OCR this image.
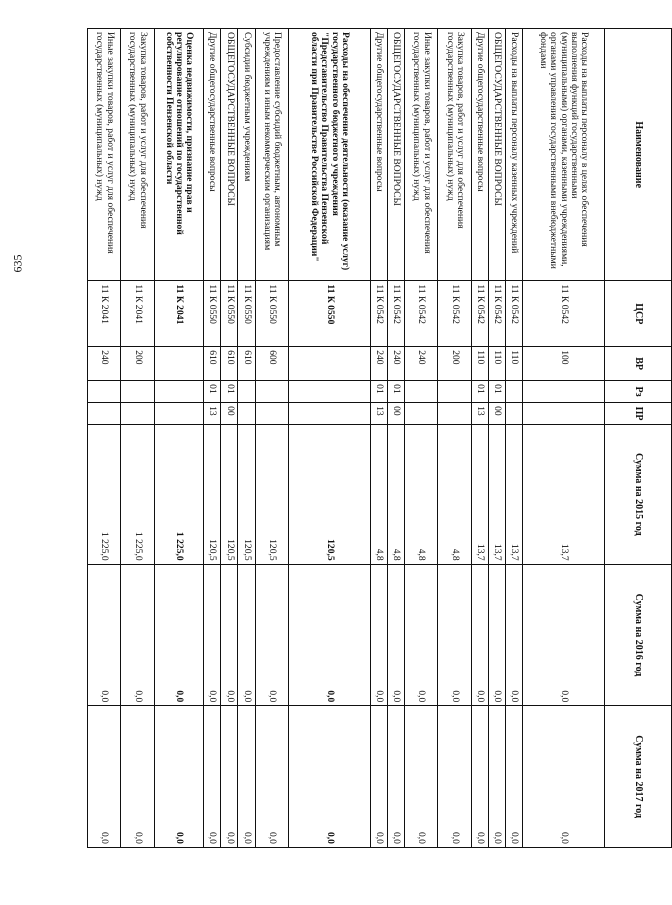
635
Наименование
ЦСР
ВР
Рз
ПР
Сумма на 2015 год
Сумма на 2016 год
Сумма на 2017 год
Расходы на выплаты персоналу в целях обеспечения выполнения функций государственными (муниципальными) органами, казенными учреждениями, органами управления государственными внебюджетными фондами
11 К 0542
100
13,7
0,0
0,0
Расходы на выплаты персоналу казенных учреждений
11 К 0542
110
13,7
0,0
0,0
ОБЩЕГОСУДАРСТВЕННЫЕ ВОПРОСЫ
11 К 0542
110
01
00
13,7
0,0
0,0
Другие общегосударственные вопросы
11 К 0542
110
01
13
13,7
0,0
0,0
Закупка товаров, работ и услуг для обеспечения государственных (муниципальных) нужд
11 К 0542
200
4,8
0,0
0,0
Иные закупки товаров, работ и услуг для обеспечения государственных (муниципальных) нужд
11 К 0542
240
4,8
0,0
0,0
ОБЩЕГОСУДАРСТВЕННЫЕ ВОПРОСЫ
11 К 0542
240
01
00
4,8
0,0
0,0
Другие общегосударственные вопросы
11 К 0542
240
01
13
4,8
0,0
0,0
Расходы на обеспечение деятельности (оказание услуг) государственного бюджетного учреждения "Представительство Правительства Пензенской области при Правительстве Российской Федерации"
11 К 0550
120,5
0,0
0,0
Предоставление субсидий бюджетным, автономным учреждениям и иным некоммерческим организациям
11 К 0550
600
120,5
0,0
0,0
Субсидии бюджетным учреждениям
11 К 0550
610
120,5
0,0
0,0
ОБЩЕГОСУДАРСТВЕННЫЕ ВОПРОСЫ
11 К 0550
610
01
00
120,5
0,0
0,0
Другие общегосударственные вопросы
11 К 0550
610
01
13
120,5
0,0
0,0
Оценка недвижимости, признание прав и регулирование отношений по государственной собственности Пензенской области
11 К 2041
1 225,0
0,0
0,0
Закупка товаров, работ и услуг для обеспечения государственных (муниципальных) нужд
11 К 2041
200
1 225,0
0,0
0,0
Иные закупки товаров, работ и услуг для обеспечения государственных (муниципальных) нужд
11 К 2041
240
1 225,0
0,0
0,0
